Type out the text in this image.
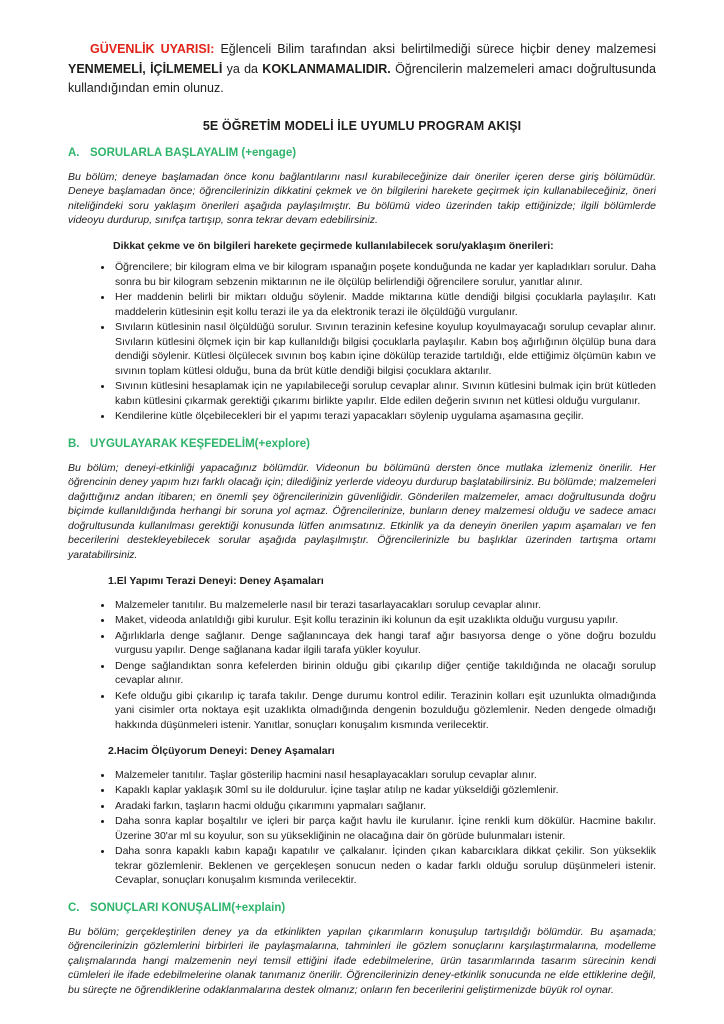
GÜVENLİK UYARISI: Eğlenceli Bilim tarafından aksi belirtilmediği sürece hiçbir deney malzemesi YENMEMELİ, İÇİLMEMELİ ya da KOKLANMAMALIDIR. Öğrencilerin malzemeleri amacı doğrultusunda kullandığından emin olunuz.

5E ÖĞRETİM MODELİ İLE UYUMLU PROGRAM AKIŞI

A. SORULARLA BAŞLAYALIM (+engage)

Bu bölüm; deneye başlamadan önce konu bağlantılarını nasıl kurabileceğinize dair öneriler içeren derse giriş bölümüdür. Deneye başlamadan önce; öğrencilerinizin dikkatini çekmek ve ön bilgilerini harekete geçirmek için kullanabileceğiniz, öneri niteliğindeki soru yaklaşım önerileri aşağıda paylaşılmıştır. Bu bölümü video üzerinden takip ettiğinizde; ilgili bölümlerde videoyu durdurup, sınıfça tartışıp, sonra tekrar devam edebilirsiniz.

Dikkat çekme ve ön bilgileri harekete geçirmede kullanılabilecek soru/yaklaşım önerileri:

• Öğrencilere; bir kilogram elma ve bir kilogram ıspanağın poşete konduğunda ne kadar yer kapladıkları sorulur. Daha sonra bu bir kilogram sebzenin miktarının ne ile ölçülüp belirlendiği öğrencilere sorulur, yanıtlar alınır.
• Her maddenin belirli bir miktarı olduğu söylenir. Madde miktarına kütle dendiği bilgisi çocuklarla paylaşılır. Katı maddelerin kütlesinin eşit kollu terazi ile ya da elektronik terazi ile ölçüldüğü vurgulanır.
• Sıvıların kütlesinin nasıl ölçüldüğü sorulur. Sıvının terazinin kefesine koyulup koyulmayacağı sorulup cevaplar alınır. Sıvıların kütlesini ölçmek için bir kap kullanıldığı bilgisi çocuklarla paylaşılır. Kabın boş ağırlığının ölçülüp buna dara dendiği söylenir. Kütlesi ölçülecek sıvının boş kabın içine dökülüp terazide tartıldığı, elde ettiğimiz ölçümün kabın ve sıvının toplam kütlesi olduğu, buna da brüt kütle dendiği bilgisi çocuklara aktarılır.
• Sıvının kütlesini hesaplamak için ne yapılabileceği sorulup cevaplar alınır. Sıvının kütlesini bulmak için brüt kütleden kabın kütlesini çıkarmak gerektiği çıkarımı birlikte yapılır. Elde edilen değerin sıvının net kütlesi olduğu vurgulanır.
• Kendilerine kütle ölçebilecekleri bir el yapımı terazi yapacakları söylenip uygulama aşamasına geçilir.
B. UYGULAYARAK KEŞFEDELİM(+explore)

Bu bölüm; deneyi-etkinliği yapacağınız bölümdür. Videonun bu bölümünü dersten önce mutlaka izlemeniz önerilir. Her öğrencinin deney yapım hızı farklı olacağı için; dilediğiniz yerlerde videoyu durdurup başlatabilirsiniz. Bu bölümde; malzemeleri dağıttığınız andan itibaren; en önemli şey öğrencilerinizin güvenliğidir. Gönderilen malzemeler, amacı doğrultusunda doğru biçimde kullanıldığında herhangi bir soruna yol açmaz. Öğrencilerinize, bunların deney malzemesi olduğu ve sadece amacı doğrultusunda kullanılması gerektiği konusunda lütfen anımsatınız. Etkinlik ya da deneyin önerilen yapım aşamaları ve fen becerilerini destekleyebilecek sorular aşağıda paylaşılmıştır. Öğrencilerinizle bu başlıklar üzerinden tartışma ortamı yaratabilirsiniz.

1.El Yapımı Terazi Deneyi: Deney Aşamaları

• Malzemeler tanıtılır. Bu malzemelerle nasıl bir terazi tasarlayacakları sorulup cevaplar alınır.
• Maket, videoda anlatıldığı gibi kurulur. Eşit kollu terazinin iki kolunun da eşit uzaklıkta olduğu vurgusu yapılır.
• Ağırlıklarla denge sağlanır. Denge sağlanıncaya dek hangi taraf ağır basıyorsa denge o yöne doğru bozuldu vurgusu yapılır. Denge sağlanana kadar ilgili tarafa yükler koyulur.
• Denge sağlandıktan sonra kefelerden birinin olduğu gibi çıkarılıp diğer çentiğe takıldığında ne olacağı sorulup cevaplar alınır.
• Kefe olduğu gibi çıkarılıp iç tarafa takılır. Denge durumu kontrol edilir. Terazinin kolları eşit uzunlukta olmadığında yani cisimler orta noktaya eşit uzaklıkta olmadığında dengenin bozulduğu gözlemlenir. Neden dengede olmadığı hakkında düşünmeleri istenir. Yanıtlar, sonuçları konuşalım kısmında verilecektir.

2.Hacim Ölçüyorum Deneyi: Deney Aşamaları

• Malzemeler tanıtılır. Taşlar gösterilip hacmini nasıl hesaplayacakları sorulup cevaplar alınır.
• Kapaklı kaplar yaklaşık 30ml su ile doldurulur. İçine taşlar atılıp ne kadar yükseldiği gözlemlenir.
• Aradaki farkın, taşların hacmi olduğu çıkarımını yapmaları sağlanır.
• Daha sonra kaplar boşaltılır ve içleri bir parça kağıt havlu ile kurulanır. İçine renkli kum dökülür. Hacmine bakılır. Üzerine 30'ar ml su koyulur, son su yüksekliğinin ne olacağına dair ön görüde bulunmaları istenir.
• Daha sonra kapaklı kabın kapağı kapatılır ve çalkalanır. İçinden çıkan kabarcıklara dikkat çekilir. Son yükseklik tekrar gözlemlenir. Beklenen ve gerçekleşen sonucun neden o kadar farklı olduğu sorulup düşünmeleri istenir. Cevaplar, sonuçları konuşalım kısmında verilecektir.
C. SONUÇLARI KONUŞALIM(+explain)

Bu bölüm; gerçekleştirilen deney ya da etkinlikten yapılan çıkarımların konuşulup tartışıldığı bölümdür. Bu aşamada; öğrencilerinizin gözlemlerini birbirleri ile paylaşmalarına, tahminleri ile gözlem sonuçlarını karşılaştırmalarına, modelleme çalışmalarında hangi malzemenin neyi temsil ettiğini ifade edebilmelerine, ürün tasarımlarında tasarım sürecinin kendi cümleleri ile ifade edebilmelerine olanak tanımanız önerilir. Öğrencilerinizin deney-etkinlik sonucunda ne elde ettiklerine değil, bu süreçte ne öğrendiklerine odaklanmalarına destek olmanız; onların fen becerilerini geliştirmenizde büyük rol oynar.
